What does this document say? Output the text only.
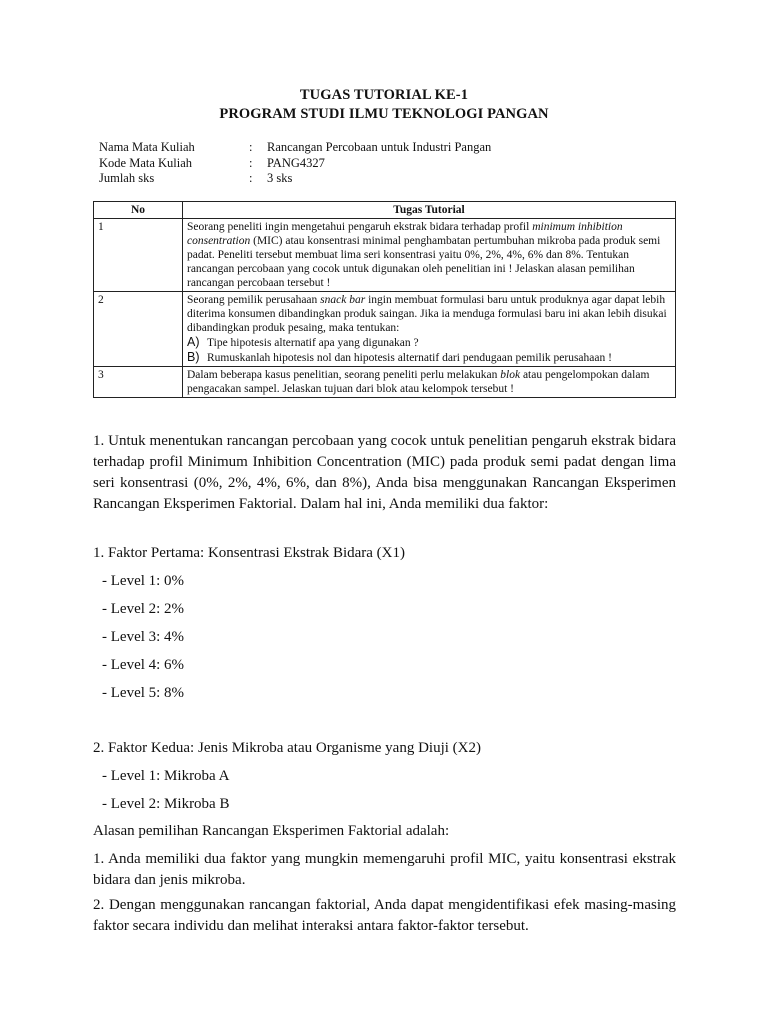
TUGAS TUTORIAL KE-1
PROGRAM STUDI ILMU TEKNOLOGI PANGAN
Nama Mata Kuliah	:	Rancangan Percobaan untuk Industri Pangan
Kode Mata Kuliah	:	PANG4327
Jumlah sks	:	3 sks
No	Tugas Tutorial
1	Seorang peneliti ingin mengetahui pengaruh ekstrak bidara terhadap profil minimum inhibition consentration (MIC) atau konsentrasi minimal penghambatan pertumbuhan mikroba pada produk semi padat. Peneliti tersebut membuat lima seri konsentrasi yaitu 0%, 2%, 4%, 6% dan 8%. Tentukan rancangan percobaan yang cocok untuk digunakan oleh penelitian ini ! Jelaskan alasan pemilihan rancangan percobaan tersebut !
2	Seorang pemilik perusahaan snack bar ingin membuat formulasi baru untuk produknya agar dapat lebih diterima konsumen dibandingkan produk saingan. Jika ia menduga formulasi baru ini akan lebih disukai dibandingkan produk pesaing, maka tentukan:
A) Tipe hipotesis alternatif apa yang digunakan ?
B) Rumuskanlah hipotesis nol dan hipotesis alternatif dari pendugaan pemilik perusahaan !

3	Dalam beberapa kasus penelitian, seorang peneliti perlu melakukan blok atau pengelompokan dalam pengacakan sampel. Jelaskan tujuan dari blok atau kelompok tersebut !
1. Untuk menentukan rancangan percobaan yang cocok untuk penelitian pengaruh ekstrak bidara terhadap profil Minimum Inhibition Concentration (MIC) pada produk semi padat dengan lima seri konsentrasi (0%, 2%, 4%, 6%, dan 8%), Anda bisa menggunakan Rancangan Eksperimen Rancangan Eksperimen Faktorial. Dalam hal ini, Anda memiliki dua faktor:
1. Faktor Pertama: Konsentrasi Ekstrak Bidara (X1)
- Level 1: 0%
- Level 2: 2%
- Level 3: 4%
- Level 4: 6%
- Level 5: 8%
2. Faktor Kedua: Jenis Mikroba atau Organisme yang Diuji (X2)
- Level 1: Mikroba A
- Level 2: Mikroba B
Alasan pemilihan Rancangan Eksperimen Faktorial adalah:
1. Anda memiliki dua faktor yang mungkin memengaruhi profil MIC, yaitu konsentrasi ekstrak bidara dan jenis mikroba.
2. Dengan menggunakan rancangan faktorial, Anda dapat mengidentifikasi efek masing-masing faktor secara individu dan melihat interaksi antara faktor-faktor tersebut.
